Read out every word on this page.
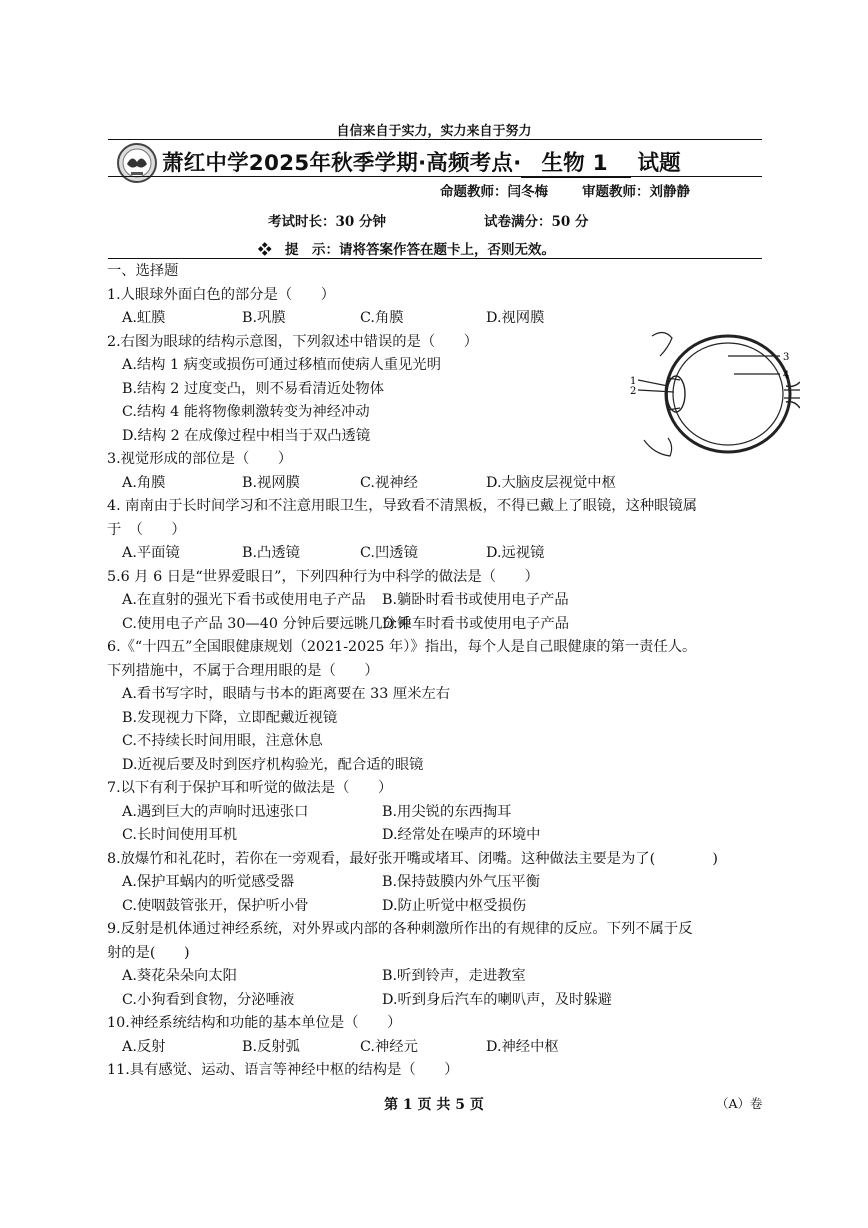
自信来自于实力，实力来自于努力
萧红中学2025年秋季学期·高频考点· 生物 1 试题
命题教师：闫冬梅	审题教师：刘静静
考试时长：30 分钟	试卷满分：50 分
❖　提　示：请将答案作答在题卡上，否则无效。
一、选择题
1.人眼球外面白色的部分是（　　）
A.虹膜	B.巩膜	C.角膜	D.视网膜
2.右图为眼球的结构示意图，下列叙述中错误的是（　　）
A.结构 1 病变或损伤可通过移植而使病人重见光明
B.结构 2 过度变凸，则不易看清近处物体
C.结构 4 能将物像刺激转变为神经冲动
D.结构 2 在成像过程中相当于双凸透镜
3.视觉形成的部位是（　　）
A.角膜	B.视网膜	C.视神经	D.大脑皮层视觉中枢
4. 南南由于长时间学习和不注意用眼卫生，导致看不清黑板，不得已戴上了眼镜，这种眼镜属
于　（　　）
A.平面镜	B.凸透镜	C.凹透镜	D.远视镜
5.6 月 6 日是“世界爱眼日”，下列四种行为中科学的做法是（　　）
A.在直射的强光下看书或使用电子产品	B.躺卧时看书或使用电子产品
C.使用电子产品 30—40 分钟后要远眺几分钟
D.乘车时看书或使用电子产品
6.《“十四五”全国眼健康规划（2021-2025 年）》指出，每个人是自己眼健康的第一责任人。
下列措施中，不属于合理用眼的是（　　）
A.看书写字时，眼睛与书本的距离要在 33 厘米左右
B.发现视力下降，立即配戴近视镜
C.不持续长时间用眼，注意休息
D.近视后要及时到医疗机构验光，配合适的眼镜
7.以下有利于保护耳和听觉的做法是（　　）
A.遇到巨大的声响时迅速张口	B.用尖锐的东西掏耳
C.长时间使用耳机	D.经常处在噪声的环境中
8.放爆竹和礼花时，若你在一旁观看，最好张开嘴或堵耳、闭嘴。这种做法主要是为了(　　　　)
A.保护耳蜗内的听觉感受器	B.保持鼓膜内外气压平衡
C.使咽鼓管张开，保护听小骨	D.防止听觉中枢受损伤
9.反射是机体通过神经系统，对外界或内部的各种刺激所作出的有规律的反应。下列不属于反
射的是(　　)
A.葵花朵朵向太阳	B.听到铃声，走进教室
C.小狗看到食物，分泌唾液	D.听到身后汽车的喇叭声，及时躲避
10.神经系统结构和功能的基本单位是（　　）
A.反射	B.反射弧	C.神经元	D.神经中枢
11.具有感觉、运动、语言等神经中枢的结构是（　　）
3
4
1
2
第 1 页 共 5 页	（A）卷
